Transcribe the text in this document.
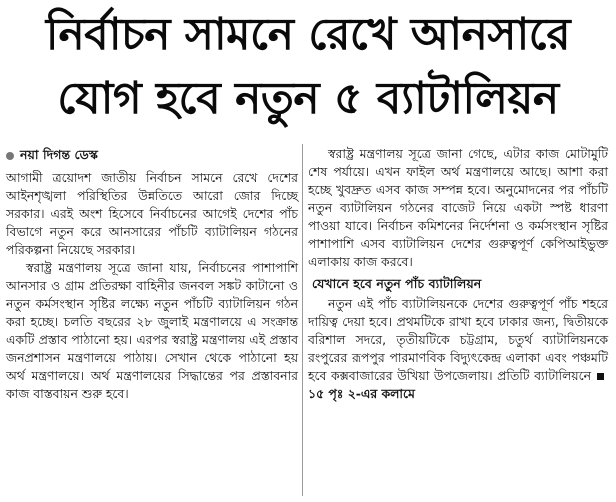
নির্বাচন সামনে রেখে আনসারে
যোগ হবে নতুন ৫ ব্যাটালিয়ন
নয়া দিগন্ত ডেস্ক

আগামী ত্রয়োদশ জাতীয় নির্বাচন সামনে রেখে দেশের আইনশৃঙ্খলা পরিস্থিতির উন্নতিতে আরো জোর দিচ্ছে সরকার। এরই অংশ হিসেবে নির্বাচনের আগেই দেশের পাঁচ বিভাগে নতুন করে আনসারের পাঁচটি ব্যাটালিয়ন গঠনের পরিকল্পনা নিয়েছে সরকার।

স্বরাষ্ট্র মন্ত্রণালয় সূত্রে জানা যায়, নির্বাচনের পাশাপাশি আনসার ও গ্রাম প্রতিরক্ষা বাহিনীর জনবল সঙ্কট কাটানো ও নতুন কর্মসংস্থান সৃষ্টির লক্ষ্যে নতুন পাঁচটি ব্যাটালিয়ন গঠন করা হচ্ছে। চলতি বছরের ২৮ জুলাই মন্ত্রণালয়ে এ সংক্রান্ত একটি প্রস্তাব পাঠানো হয়। এরপর স্বরাষ্ট্র মন্ত্রণালয় এই প্রস্তাব জনপ্রশাসন মন্ত্রণালয়ে পাঠায়। সেখান থেকে পাঠানো হয় অর্থ মন্ত্রণালয়ে। অর্থ মন্ত্রণালয়ের সিদ্ধান্তের পর প্রস্তাবনার কাজ বাস্তবায়ন শুরু হবে।

স্বরাষ্ট্র মন্ত্রণালয় সূত্রে জানা গেছে, এটার কাজ মোটামুটি শেষ পর্যায়ে। এখন ফাইল অর্থ মন্ত্রণালয়ে আছে। আশা করা হচ্ছে খুবদ্রুত এসব কাজ সম্পন্ন হবে। অনুমোদনের পর পাঁচটি নতুন ব্যাটালিয়ন গঠনের বাজেট নিয়ে একটা স্পষ্ট ধারণা পাওয়া যাবে। নির্বাচন কমিশনের নির্দেশনা ও কর্মসংস্থান সৃষ্টির পাশাপাশি এসব ব্যাটালিয়ন দেশের গুরুত্বপূর্ণ কেপিআইভুক্ত এলাকায় কাজ করবে।

যেখানে হবে নতুন পাঁচ ব্যাটালিয়ন

নতুন এই পাঁচ ব্যাটালিয়নকে দেশের গুরুত্বপূর্ণ পাঁচ শহরে দায়িত্ব দেয়া হবে। প্রথমটিকে রাখা হবে ঢাকার জন্য, দ্বিতীয়কে বরিশাল সদরে, তৃতীয়টিকে চট্টগ্রাম, চতুর্থ ব্যাটালিয়নকে রংপুরের রূপপুর পারমাণবিক বিদ্যুৎকেন্দ্র এলাকা এবং পঞ্চমটি হবে কক্সবাজারের উখিয়া উপজেলায়। প্রতিটি ব্যাটালিয়নে১৫ পৃঃ ২-এর কলামে
